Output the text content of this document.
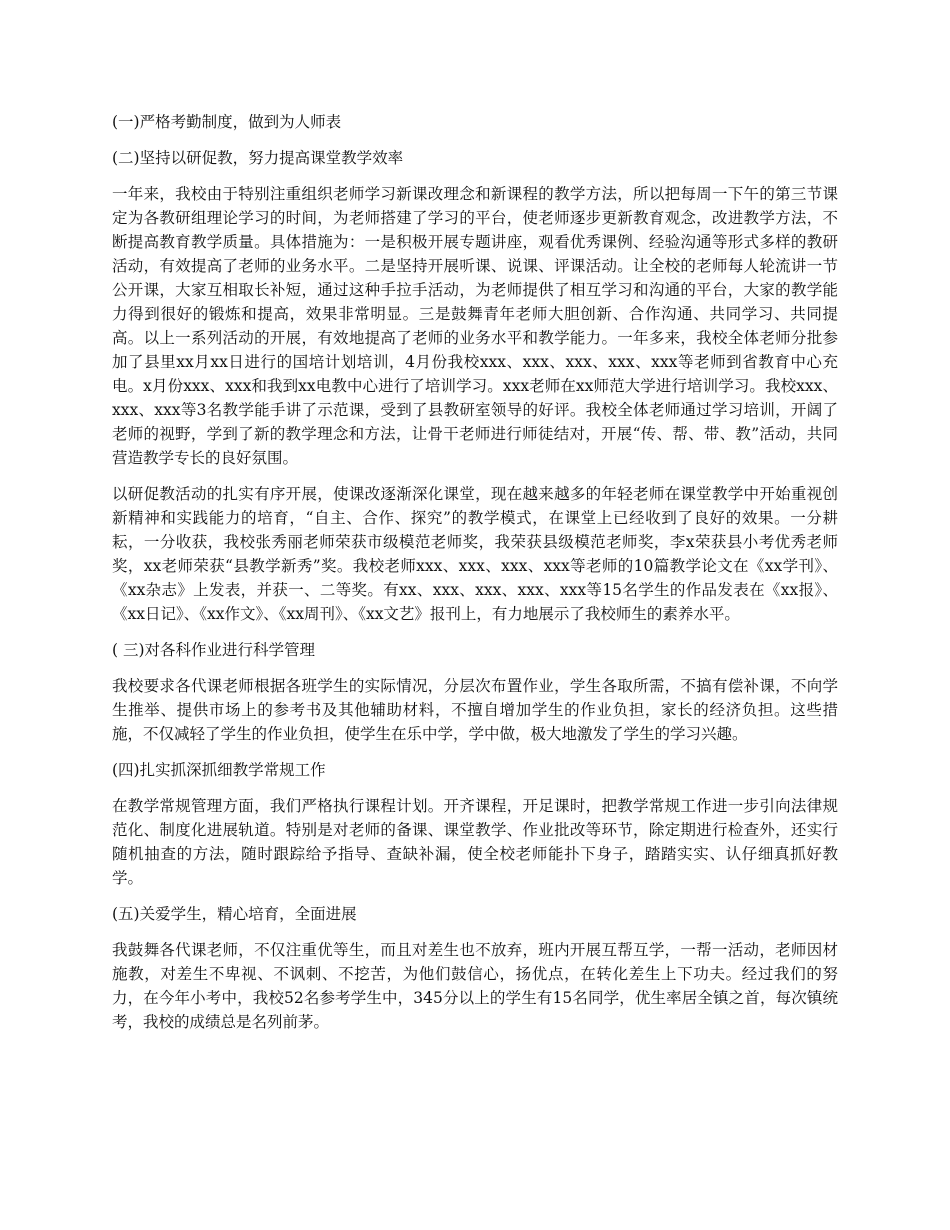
(一)严格考勤制度，做到为人师表

(二)坚持以研促教，努力提高课堂教学效率

一年来，我校由于特别注重组织老师学习新课改理念和新课程的教学方法，所以把每周一下午的第三节课定为各教研组理论学习的时间，为老师搭建了学习的平台，使老师逐步更新教育观念，改进教学方法，不断提高教育教学质量。具体措施为：一是积极开展专题讲座，观看优秀课例、经验沟通等形式多样的教研活动，有效提高了老师的业务水平。二是坚持开展听课、说课、评课活动。让全校的老师每人轮流讲一节公开课，大家互相取长补短，通过这种手拉手活动，为老师提供了相互学习和沟通的平台，大家的教学能力得到很好的锻炼和提高，效果非常明显。三是鼓舞青年老师大胆创新、合作沟通、共同学习、共同提高。以上一系列活动的开展，有效地提高了老师的业务水平和教学能力。一年多来，我校全体老师分批参加了县里xx月xx日进行的国培计划培训，4月份我校xxx、xxx、xxx、xxx、xxx等老师到省教育中心充电。x月份xxx、xxx和我到xx电教中心进行了培训学习。xxx老师在xx师范大学进行培训学习。我校xxx、xxx、xxx等3名教学能手讲了示范课，受到了县教研室领导的好评。我校全体老师通过学习培训，开阔了老师的视野，学到了新的教学理念和方法，让骨干老师进行师徒结对，开展“传、帮、带、教”活动，共同营造教学专长的良好氛围。

以研促教活动的扎实有序开展，使课改逐渐深化课堂，现在越来越多的年轻老师在课堂教学中开始重视创新精神和实践能力的培育，“自主、合作、探究”的教学模式，在课堂上已经收到了良好的效果。一分耕耘，一分收获，我校张秀丽老师荣获市级模范老师奖，我荣获县级模范老师奖，李x荣获县小考优秀老师奖，xx老师荣获“县教学新秀”奖。我校老师xxx、xxx、xxx、xxx等老师的10篇教学论文在《xx学刊》、《xx杂志》上发表，并获一、二等奖。有xx、xxx、xxx、xxx、xxx等15名学生的作品发表在《xx报》、《xx日记》、《xx作文》、《xx周刊》、《xx文艺》报刊上，有力地展示了我校师生的素养水平。

( 三)对各科作业进行科学管理

我校要求各代课老师根据各班学生的实际情况，分层次布置作业，学生各取所需，不搞有偿补课，不向学生推举、提供市场上的参考书及其他辅助材料，不擅自增加学生的作业负担，家长的经济负担。这些措施，不仅减轻了学生的作业负担，使学生在乐中学，学中做，极大地激发了学生的学习兴趣。

(四)扎实抓深抓细教学常规工作

在教学常规管理方面，我们严格执行课程计划。开齐课程，开足课时，把教学常规工作进一步引向法律规范化、制度化进展轨道。特别是对老师的备课、课堂教学、作业批改等环节，除定期进行检查外，还实行随机抽查的方法，随时跟踪给予指导、查缺补漏，使全校老师能扑下身子，踏踏实实、认仔细真抓好教学。

(五)关爱学生，精心培育，全面进展

我鼓舞各代课老师，不仅注重优等生，而且对差生也不放弃，班内开展互帮互学，一帮一活动，老师因材施教，对差生不卑视、不讽刺、不挖苦，为他们鼓信心，扬优点，在转化差生上下功夫。经过我们的努力，在今年小考中，我校52名参考学生中，345分以上的学生有15名同学，优生率居全镇之首，每次镇统考，我校的成绩总是名列前茅。
